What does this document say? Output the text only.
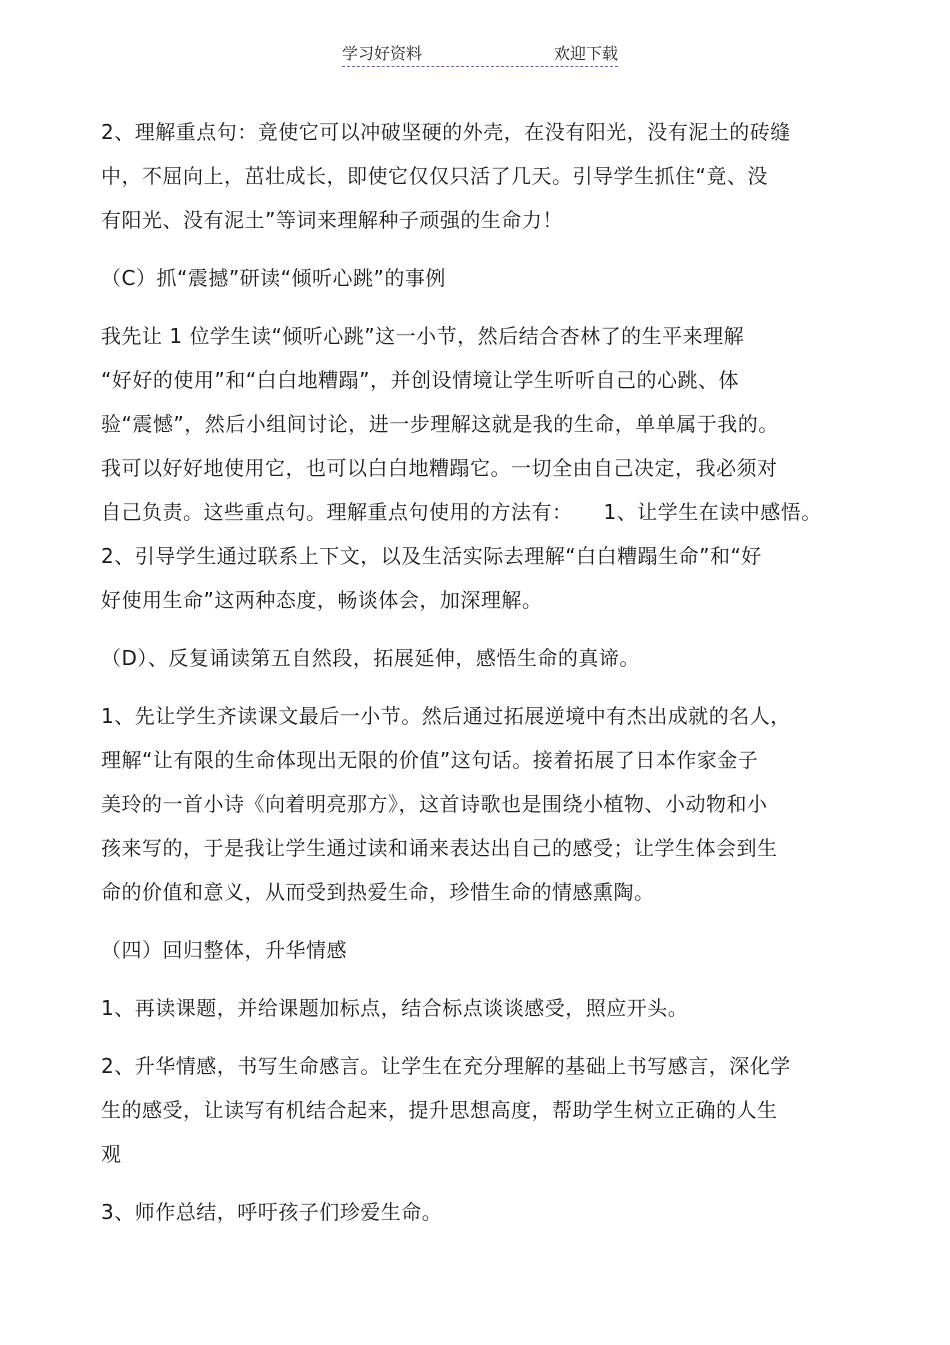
学习好资料	欢迎下载

2、理解重点句：竟使它可以冲破坚硬的外壳，在没有阳光，没有泥土的砖缝
中，不屈向上，茁壮成长，即使它仅仅只活了几天。引导学生抓住“竟、没
有阳光、没有泥土”等词来理解种子顽强的生命力！

（C）抓“震撼”研读“倾听心跳”的事例

我先让 1 位学生读“倾听心跳”这一小节，然后结合杏林了的生平来理解
“好好的使用”和“白白地糟蹋”，并创设情境让学生听听自己的心跳、体
验“震憾”，然后小组间讨论，进一步理解这就是我的生命，单单属于我的。
我可以好好地使用它，也可以白白地糟蹋它。一切全由自己决定，我必须对
自己负责。这些重点句。理解重点句使用的方法有：　　1、让学生在读中感悟。
2、引导学生通过联系上下文，以及生活实际去理解“白白糟蹋生命”和“好
好使用生命”这两种态度，畅谈体会，加深理解。

（D）、反复诵读第五自然段，拓展延伸，感悟生命的真谛。

1、先让学生齐读课文最后一小节。然后通过拓展逆境中有杰出成就的名人，
理解“让有限的生命体现出无限的价值”这句话。接着拓展了日本作家金子
美玲的一首小诗《向着明亮那方》，这首诗歌也是围绕小植物、小动物和小
孩来写的，于是我让学生通过读和诵来表达出自己的感受；让学生体会到生
命的价值和意义，从而受到热爱生命，珍惜生命的情感熏陶。

（四）回归整体，升华情感

1、再读课题，并给课题加标点，结合标点谈谈感受，照应开头。

2、升华情感，书写生命感言。让学生在充分理解的基础上书写感言，深化学
生的感受，让读写有机结合起来，提升思想高度，帮助学生树立正确的人生
观

3、师作总结，呼吁孩子们珍爱生命。
